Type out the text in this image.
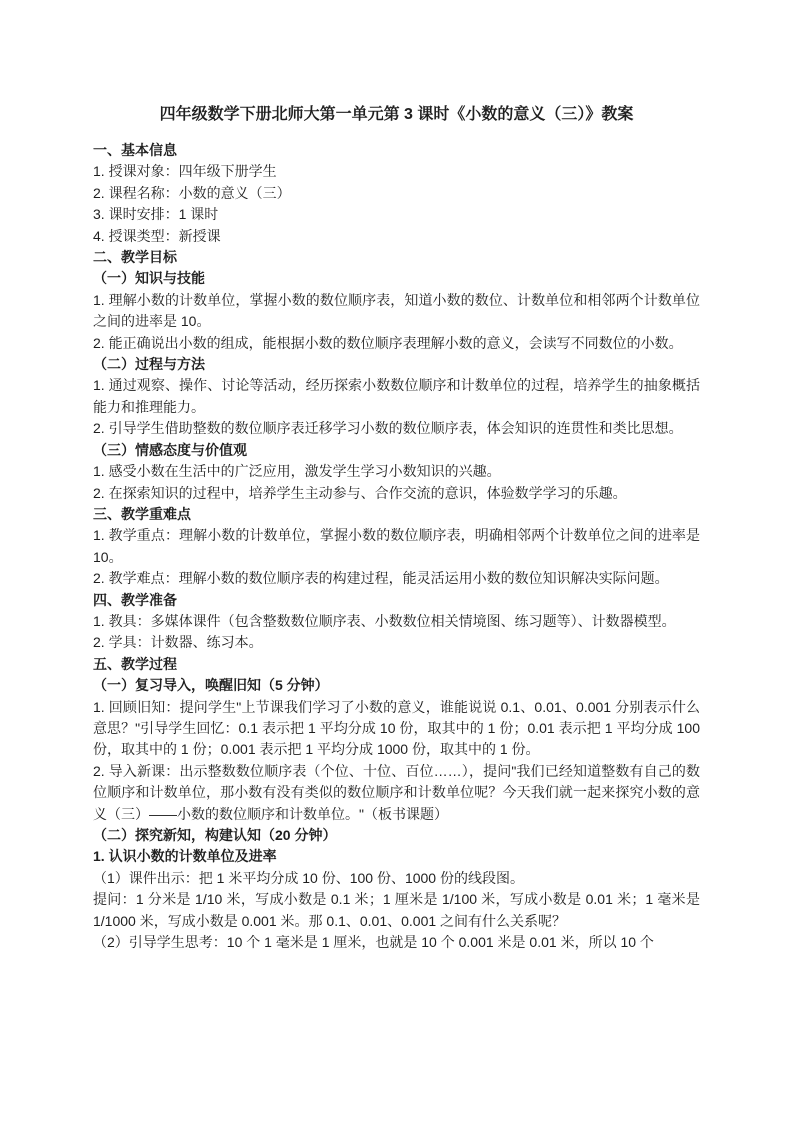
四年级数学下册北师大第一单元第 3 课时《小数的意义（三）》教案

一、基本信息

1. 授课对象：四年级下册学生

2. 课程名称：小数的意义（三）

3. 课时安排：1 课时

4. 授课类型：新授课

二、教学目标

（一）知识与技能

1. 理解小数的计数单位，掌握小数的数位顺序表，知道小数的数位、计数单位和相邻两个计数单位之间的进率是 10。

2. 能正确说出小数的组成，能根据小数的数位顺序表理解小数的意义，会读写不同数位的小数。

（二）过程与方法

1. 通过观察、操作、讨论等活动，经历探索小数数位顺序和计数单位的过程，培养学生的抽象概括能力和推理能力。

2. 引导学生借助整数的数位顺序表迁移学习小数的数位顺序表，体会知识的连贯性和类比思想。

（三）情感态度与价值观

1. 感受小数在生活中的广泛应用，激发学生学习小数知识的兴趣。

2. 在探索知识的过程中，培养学生主动参与、合作交流的意识，体验数学学习的乐趣。

三、教学重难点

1. 教学重点：理解小数的计数单位，掌握小数的数位顺序表，明确相邻两个计数单位之间的进率是 10。

2. 教学难点：理解小数的数位顺序表的构建过程，能灵活运用小数的数位知识解决实际问题。

四、教学准备

1. 教具：多媒体课件（包含整数数位顺序表、小数数位相关情境图、练习题等）、计数器模型。

2. 学具：计数器、练习本。

五、教学过程

（一）复习导入，唤醒旧知（5 分钟）

1. 回顾旧知：提问学生"上节课我们学习了小数的意义，谁能说说 0.1、0.01、0.001 分别表示什么意思？"引导学生回忆：0.1 表示把 1 平均分成 10 份，取其中的 1 份；0.01 表示把 1 平均分成 100 份，取其中的 1 份；0.001 表示把 1 平均分成 1000 份，取其中的 1 份。

2. 导入新课：出示整数数位顺序表（个位、十位、百位……），提问"我们已经知道整数有自己的数位顺序和计数单位，那小数有没有类似的数位顺序和计数单位呢？今天我们就一起来探究小数的意义（三）——小数的数位顺序和计数单位。"（板书课题）

（二）探究新知，构建认知（20 分钟）

1. 认识小数的计数单位及进率

（1）课件出示：把 1 米平均分成 10 份、100 份、1000 份的线段图。

提问：1 分米是 1/10 米，写成小数是 0.1 米；1 厘米是 1/100 米，写成小数是 0.01 米；1 毫米是 1/1000 米，写成小数是 0.001 米。那 0.1、0.01、0.001 之间有什么关系呢？

（2）引导学生思考：10 个 1 毫米是 1 厘米，也就是 10 个 0.001 米是 0.01 米，所以 10 个
